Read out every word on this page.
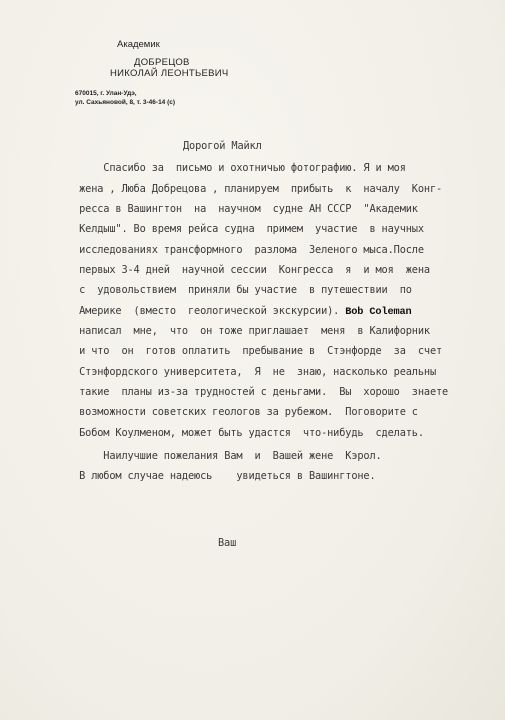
Академик
ДОБРЕЦОВ
НИКОЛАЙ ЛЕОНТЬЕВИЧ
670015, г. Улан-Удэ,
ул. Сахьяновой, 8, т. 3-46-14 (с)
Дорогой Майкл
Спасибо за  письмо и охотничью фотографию. Я и моя
жена , Люба Добрецова , планируем  прибыть  к  началу  Конг-
ресса в Вашингтон  на  научном  судне АН СССР  "Академик
Келдыш". Во время рейса судна  примем  участие  в научных
исследованиях трансформного  разлома  Зеленого мыса.После
первых 3-4 дней  научной сессии  Конгресса  я  и моя  жена
с  удовольствием  приняли бы участие  в путешествии  по
Америке  (вместо  геологической экскурсии). Bob Coleman
написал  мне,  что  он тоже приглашает  меня  в Калифорник
и что  он  готов оплатить  пребывание в  Стэнфорде  за  счет
Стэнфордского университета,  Я  не  знаю, насколько реальны
такие  планы из-за трудностей с деньгами.  Вы  хорошо  знаете
возможности советских геологов за рубежом.  Поговорите с
Бобом Коулменом, может быть удастся  что-нибудь  сделать.
Наилучшие пожелания Вам  и  Вашей жене  Кэрол.
В любом случае надеюсь    увидеться в Вашингтоне.
Ваш
